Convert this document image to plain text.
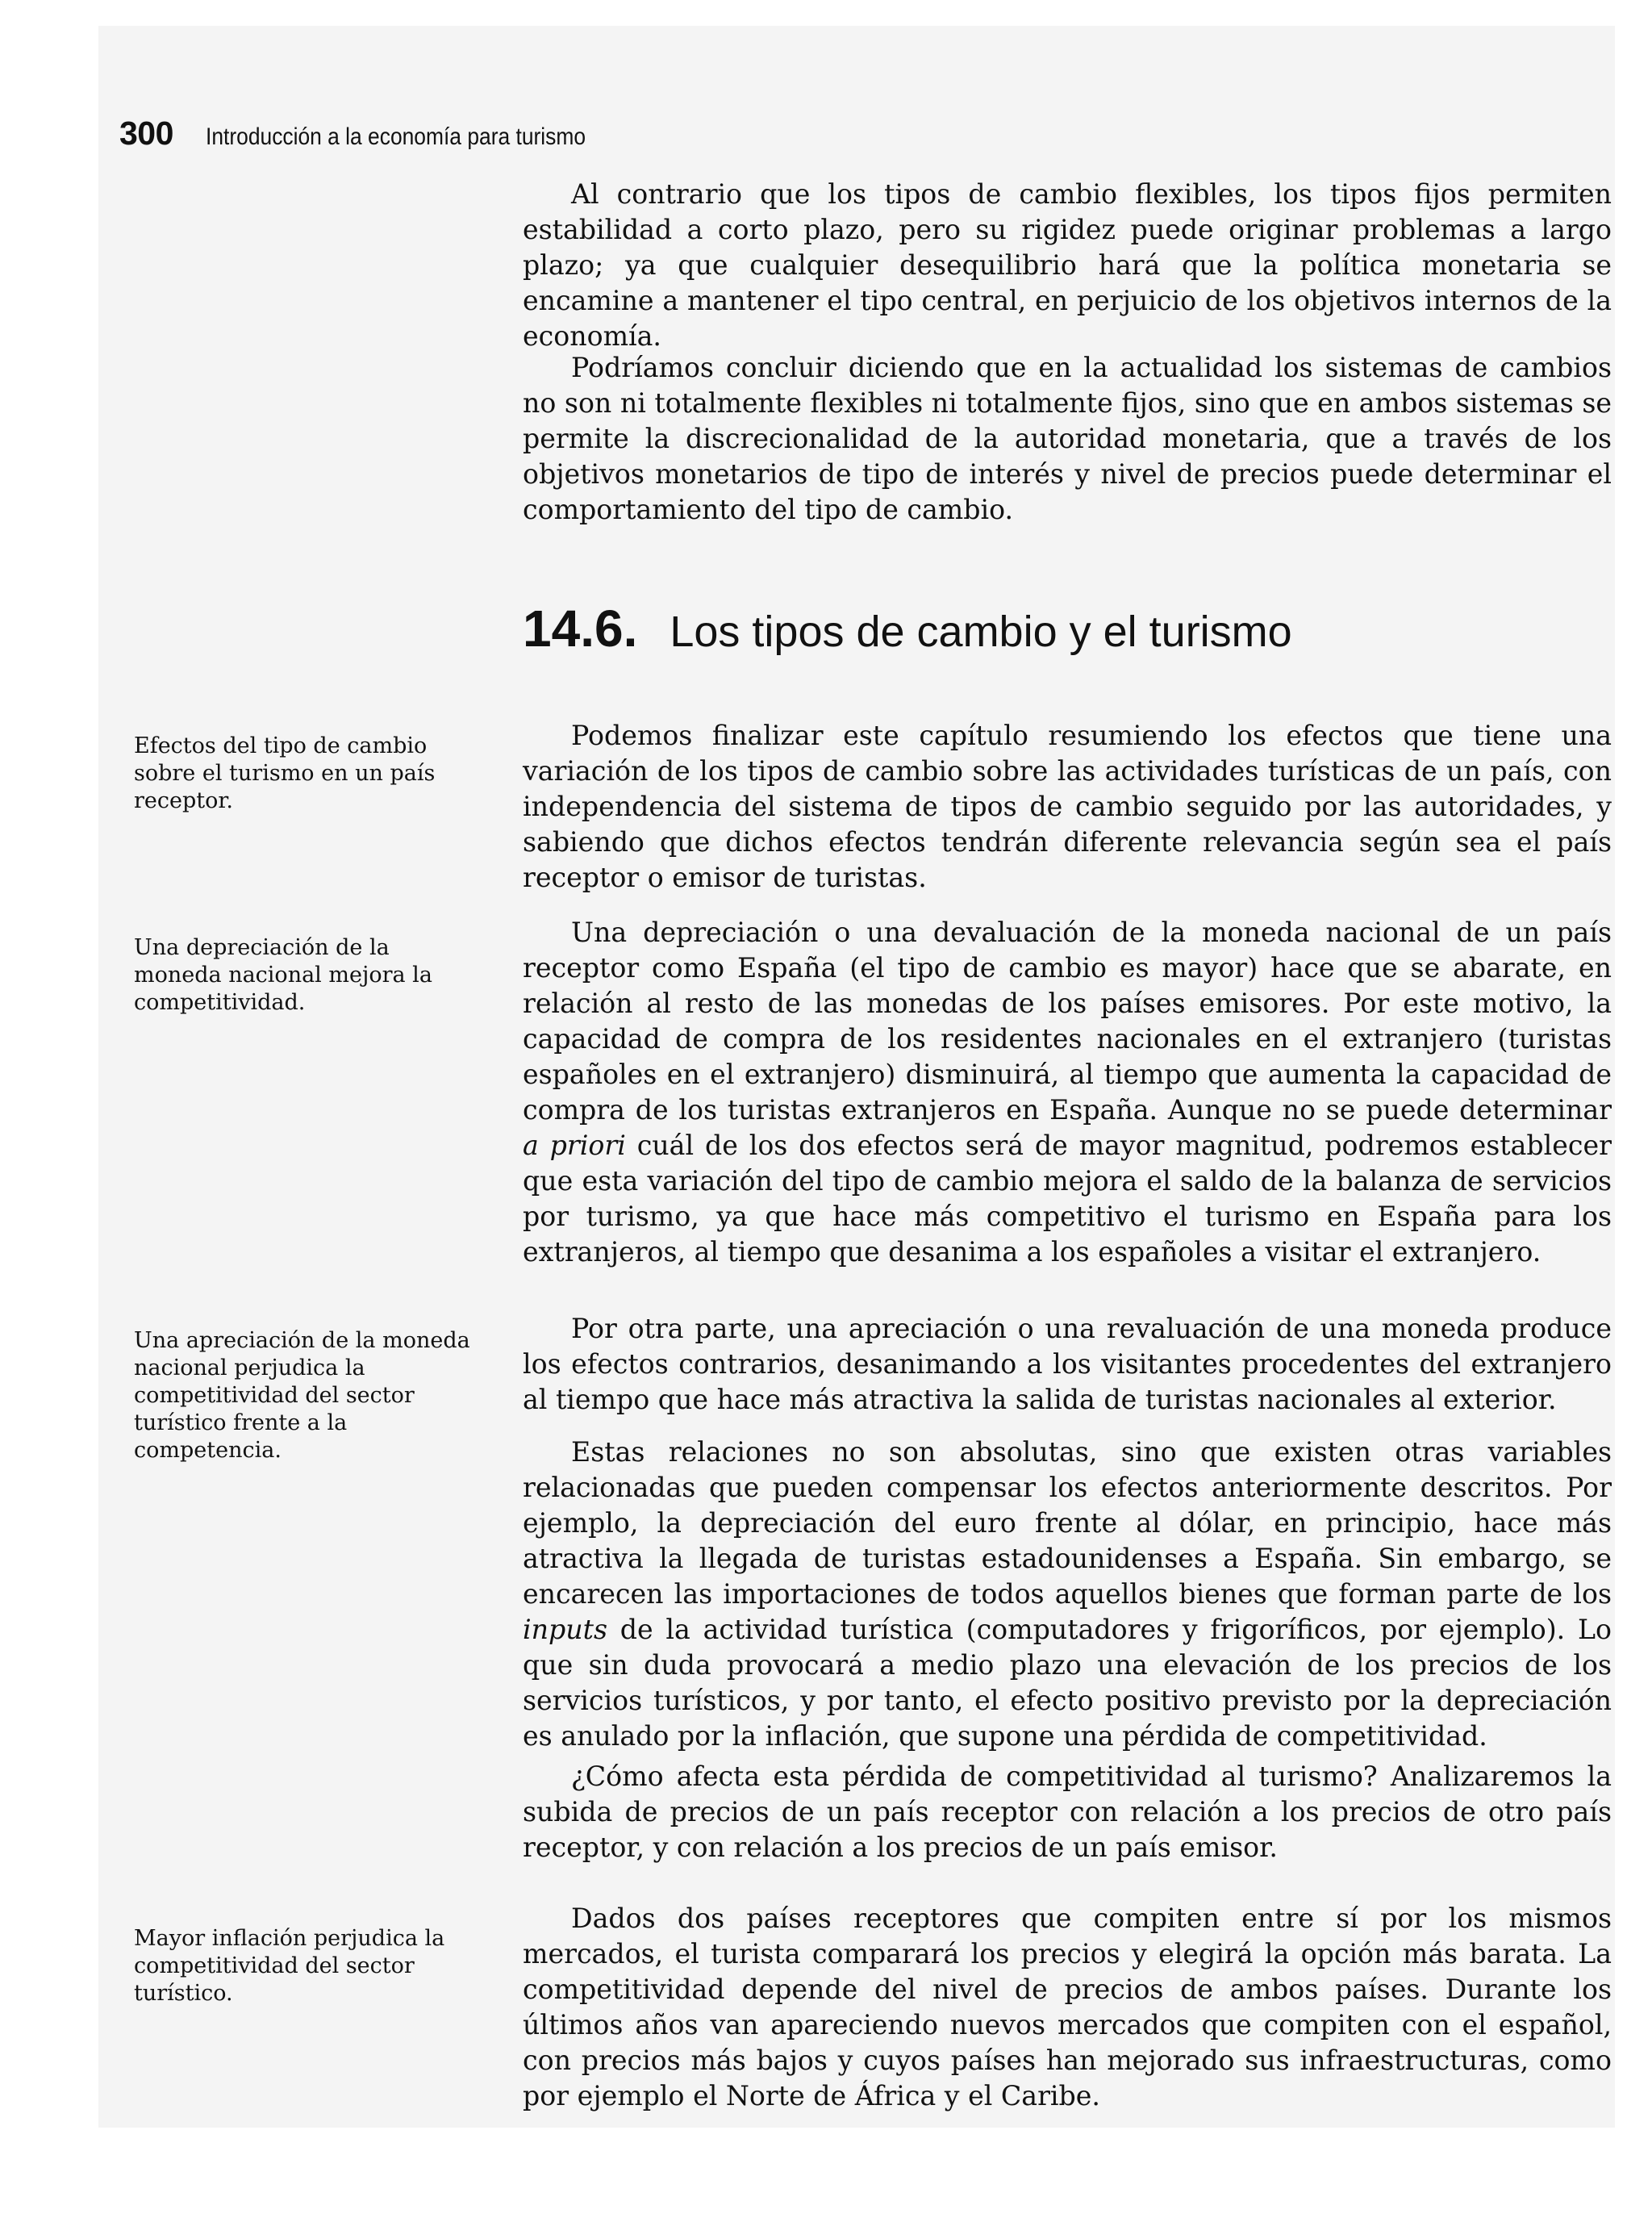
300 Introducción a la economía para turismo

Al contrario que los tipos de cambio flexibles, los tipos fijos permiten estabilidad a corto plazo, pero su rigidez puede originar problemas a largo plazo; ya que cualquier desequilibrio hará que la política monetaria se encamine a mantener el tipo central, en perjuicio de los objetivos internos de la economía.

Podríamos concluir diciendo que en la actualidad los sistemas de cambios no son ni totalmente flexibles ni totalmente fijos, sino que en ambos sistemas se permite la discrecionalidad de la autoridad monetaria, que a través de los objetivos monetarios de tipo de interés y nivel de precios puede determinar el comportamiento del tipo de cambio.

14.6. Los tipos de cambio y el turismo

Podemos finalizar este capítulo resumiendo los efectos que tiene una variación de los tipos de cambio sobre las actividades turísticas de un país, con independencia del sistema de tipos de cambio seguido por las autoridades, y sabiendo que dichos efectos tendrán diferente relevancia según sea el país receptor o emisor de turistas.

Una depreciación o una devaluación de la moneda nacional de un país receptor como España (el tipo de cambio es mayor) hace que se abarate, en relación al resto de las monedas de los países emisores. Por este motivo, la capacidad de compra de los residentes nacionales en el extranjero (turistas españoles en el extranjero) disminuirá, al tiempo que aumenta la capacidad de compra de los turistas extranjeros en España. Aunque no se puede determinar a priori cuál de los dos efectos será de mayor magnitud, podremos establecer que esta variación del tipo de cambio mejora el saldo de la balanza de servicios por turismo, ya que hace más competitivo el turismo en España para los extranjeros, al tiempo que desanima a los españoles a visitar el extranjero.

Por otra parte, una apreciación o una revaluación de una moneda produce los efectos contrarios, desanimando a los visitantes procedentes del extranjero al tiempo que hace más atractiva la salida de turistas nacionales al exterior.

Estas relaciones no son absolutas, sino que existen otras variables relacionadas que pueden compensar los efectos anteriormente descritos. Por ejemplo, la depreciación del euro frente al dólar, en principio, hace más atractiva la llegada de turistas estadounidenses a España. Sin embargo, se encarecen las importaciones de todos aquellos bienes que forman parte de los inputs de la actividad turística (computadores y frigoríficos, por ejemplo). Lo que sin duda provocará a medio plazo una elevación de los precios de los servicios turísticos, y por tanto, el efecto positivo previsto por la depreciación es anulado por la inflación, que supone una pérdida de competitividad.

¿Cómo afecta esta pérdida de competitividad al turismo? Analizaremos la subida de precios de un país receptor con relación a los precios de otro país receptor, y con relación a los precios de un país emisor.

Dados dos países receptores que compiten entre sí por los mismos mercados, el turista comparará los precios y elegirá la opción más barata. La competitividad depende del nivel de precios de ambos países. Durante los últimos años van apareciendo nuevos mercados que compiten con el español, con precios más bajos y cuyos países han mejorado sus infraestructuras, como por ejemplo el Norte de África y el Caribe.

Efectos del tipo de cambio sobre el turismo en un país receptor.

Una depreciación de la moneda nacional mejora la competitividad.

Una apreciación de la moneda nacional perjudica la competitividad del sector turístico frente a la competencia.

Mayor inflación perjudica la competitividad del sector turístico.
